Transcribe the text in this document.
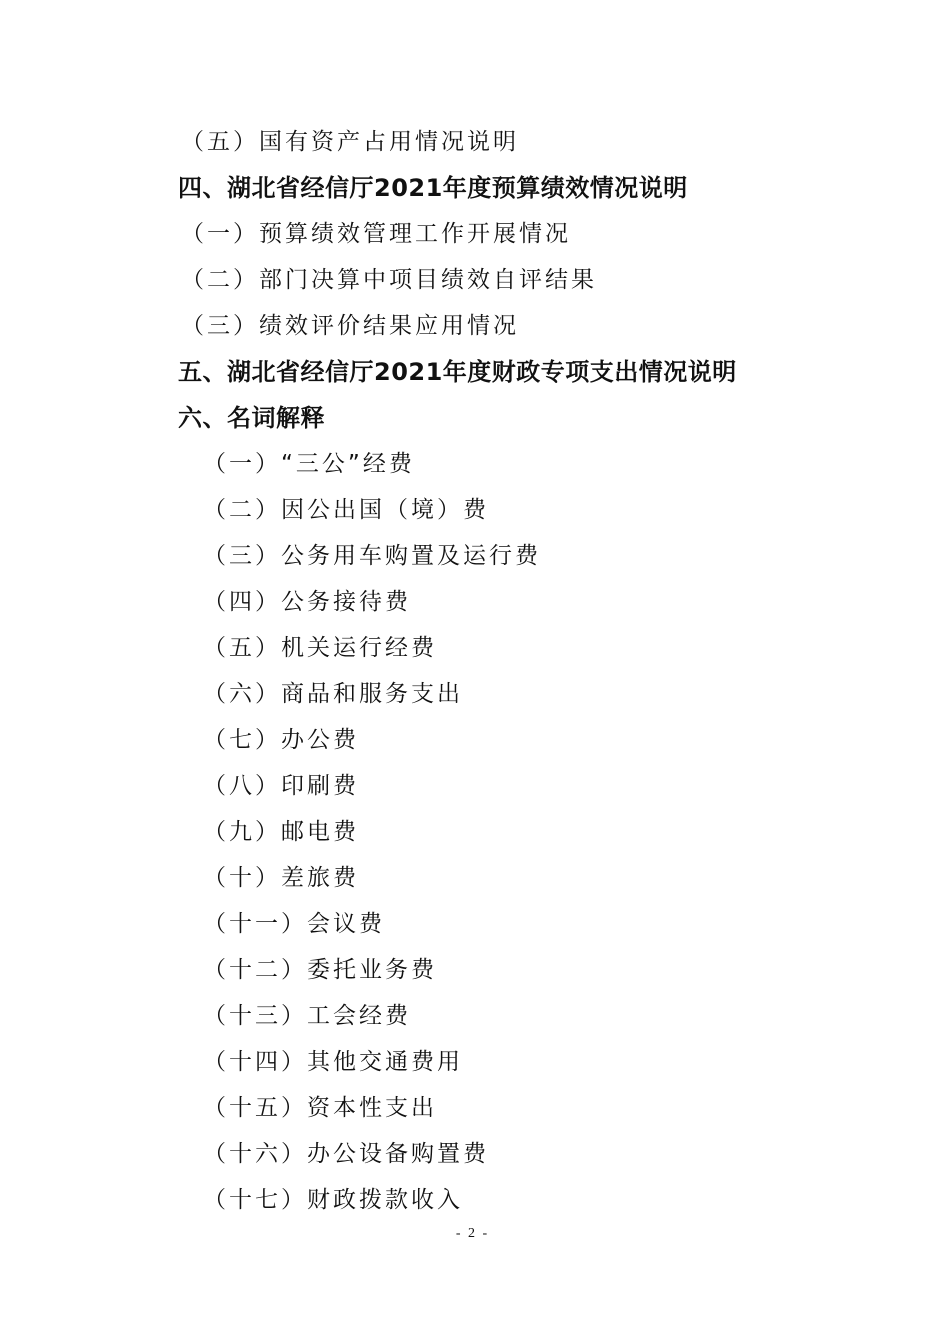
（五）国有资产占用情况说明
四、湖北省经信厅2021年度预算绩效情况说明
（一）预算绩效管理工作开展情况
（二）部门决算中项目绩效自评结果
（三）绩效评价结果应用情况
五、湖北省经信厅2021年度财政专项支出情况说明
六、名词解释
（一）“三公”经费
（二）因公出国（境）费
（三）公务用车购置及运行费
（四）公务接待费
（五）机关运行经费
（六）商品和服务支出
（七）办公费
（八）印刷费
（九）邮电费
（十）差旅费
（十一）会议费
（十二）委托业务费
（十三）工会经费
（十四）其他交通费用
（十五）资本性支出
（十六）办公设备购置费
（十七）财政拨款收入
- 2 -
